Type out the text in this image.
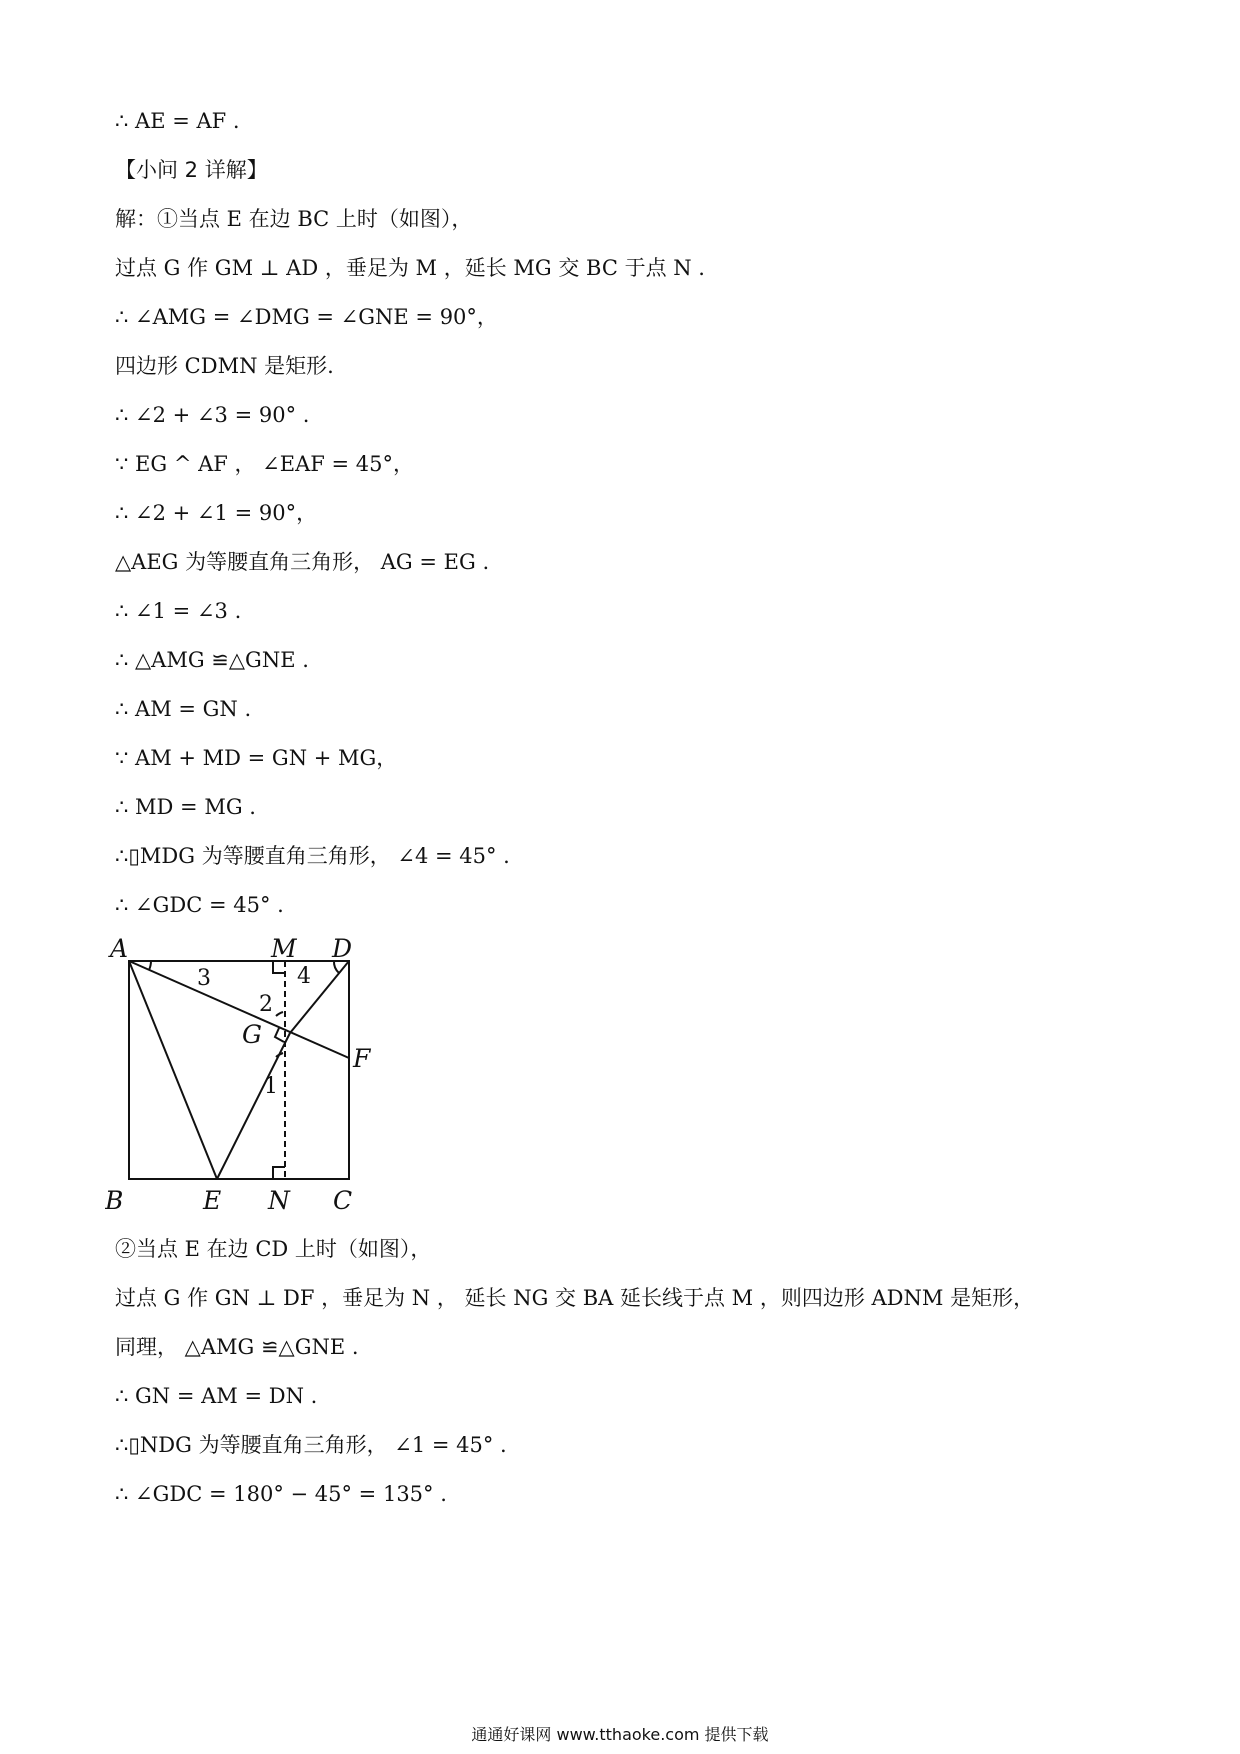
∴ AE = AF .
【小问 2 详解】
解：①当点 E 在边 BC 上时（如图），
过点 G 作 GM ⊥ AD ，垂足为 M ，延长 MG 交 BC 于点 N .
∴ ∠AMG = ∠DMG = ∠GNE = 90°，
四边形 CDMN 是矩形.
∴ ∠2 + ∠3 = 90° .
∵ EG ^ AF ， ∠EAF = 45°，
∴ ∠2 + ∠1 = 90°，
△AEG 为等腰直角三角形， AG = EG .
∴ ∠1 = ∠3 .
∴ △AMG ≌△GNE .
∴ AM = GN .
∵ AM + MD = GN + MG，
∴ MD = MG .
∴▯MDG 为等腰直角三角形， ∠4 = 45° .
∴ ∠GDC = 45° .
A	M D
G
F
B	E N C
3	4
2
1
②当点 E 在边 CD 上时（如图），
过点 G 作 GN ⊥ DF ，垂足为 N ， 延长 NG 交 BA 延长线于点 M ，则四边形 ADNM 是矩形，
同理， △AMG ≌△GNE .
∴ GN = AM = DN .
∴▯NDG 为等腰直角三角形， ∠1 = 45° .
∴ ∠GDC = 180° − 45° = 135° .
通通好课网 www.tthaoke.com 提供下载
